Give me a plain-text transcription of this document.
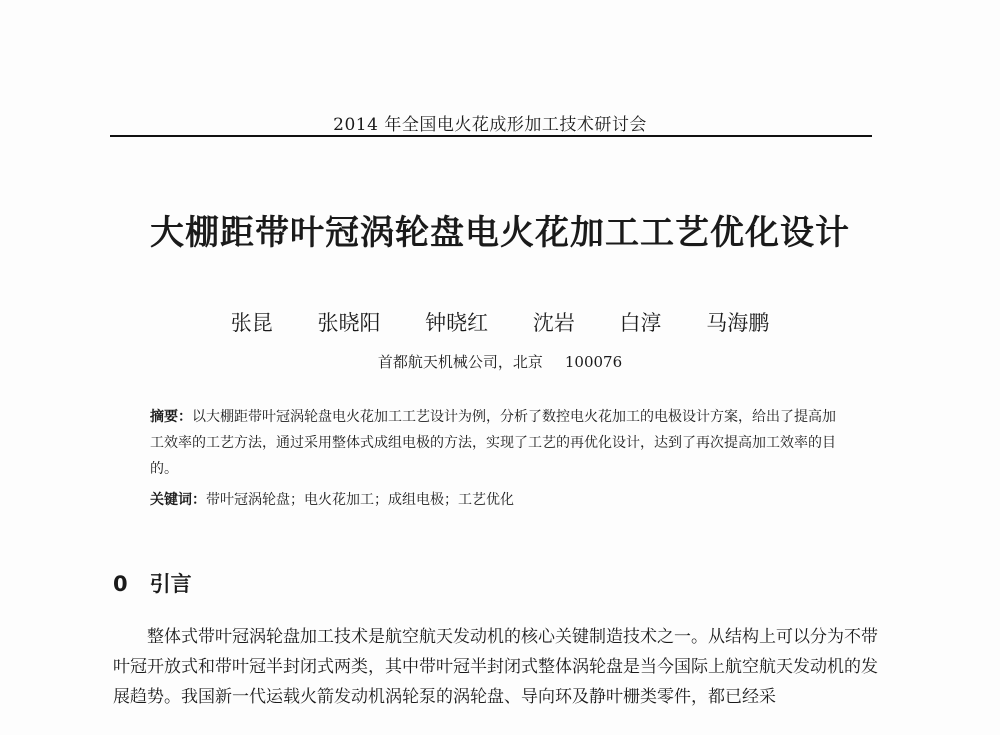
2014 年全国电火花成形加工技术研讨会
大棚距带叶冠涡轮盘电火花加工工艺优化设计
张昆 张晓阳 钟晓红 沈岩 白淳 马海鹏
首都航天机械公司，北京 100076
摘要：以大棚距带叶冠涡轮盘电火花加工工艺设计为例，分析了数控电火花加工的电极设计方案，给出了提高加工效率的工艺方法，通过采用整体式成组电极的方法，实现了工艺的再优化设计，达到了再次提高加工效率的目的。
关键词：带叶冠涡轮盘；电火花加工；成组电极；工艺优化
0 引言
整体式带叶冠涡轮盘加工技术是航空航天发动机的核心关键制造技术之一。从结构上可以分为不带叶冠开放式和带叶冠半封闭式两类，其中带叶冠半封闭式整体涡轮盘是当今国际上航空航天发动机的发展趋势。我国新一代运载火箭发动机涡轮泵的涡轮盘、导向环及静叶栅类零件，都已经采
